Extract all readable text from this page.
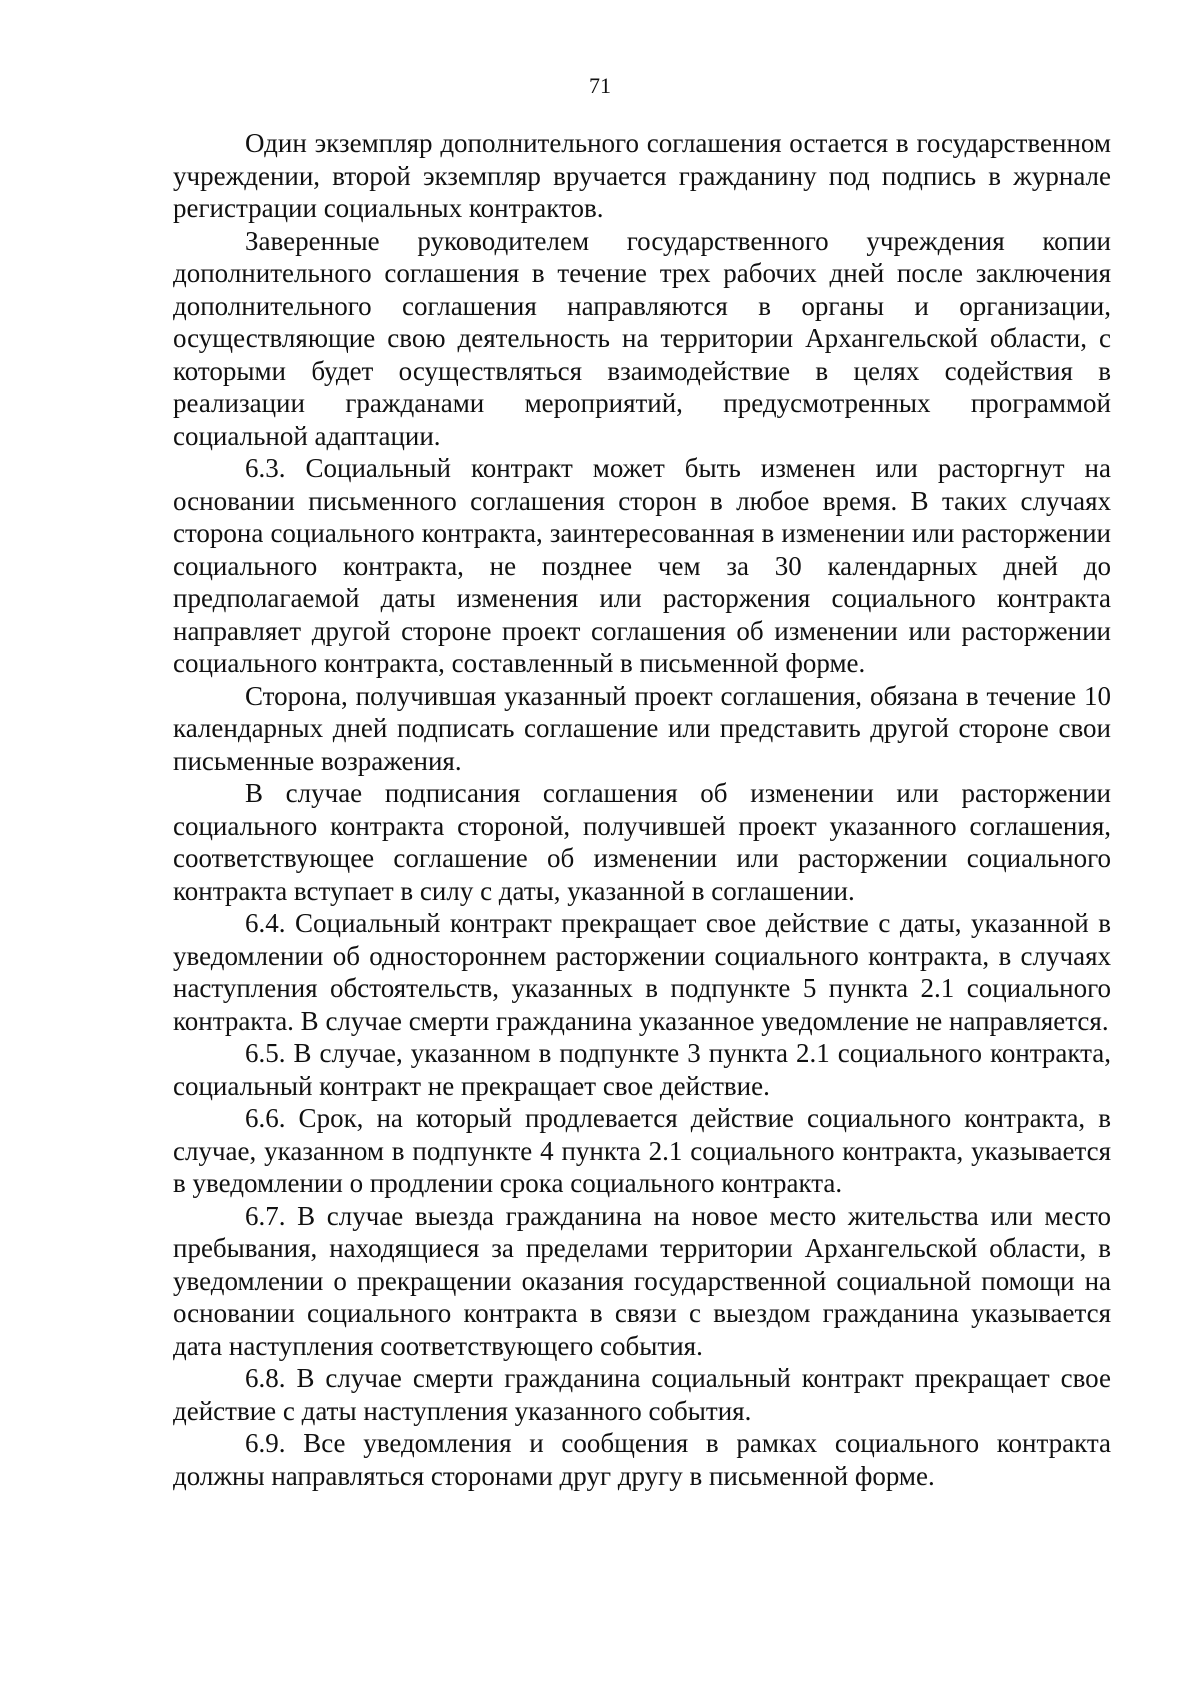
71

Один экземпляр дополнительного соглашения остается в государственном учреждении, второй экземпляр вручается гражданину под подпись в журнале регистрации социальных контрактов.

Заверенные руководителем государственного учреждения копии дополнительного соглашения в течение трех рабочих дней после заключения дополнительного соглашения направляются в органы и организации, осуществляющие свою деятельность на территории Архангельской области, с которыми будет осуществляться взаимодействие в целях содействия в реализации гражданами мероприятий, предусмотренных программой социальной адаптации.

6.3. Социальный контракт может быть изменен или расторгнут на основании письменного соглашения сторон в любое время. В таких случаях сторона социального контракта, заинтересованная в изменении или расторжении социального контракта, не позднее чем за 30 календарных дней до предполагаемой даты изменения или расторжения социального контракта направляет другой стороне проект соглашения об изменении или расторжении социального контракта, составленный в письменной форме.

Сторона, получившая указанный проект соглашения, обязана в течение 10 календарных дней подписать соглашение или представить другой стороне свои письменные возражения.

В случае подписания соглашения об изменении или расторжении социального контракта стороной, получившей проект указанного соглашения, соответствующее соглашение об изменении или расторжении социального контракта вступает в силу с даты, указанной в соглашении.

6.4. Социальный контракт прекращает свое действие с даты, указанной в уведомлении об одностороннем расторжении социального контракта, в случаях наступления обстоятельств, указанных в подпункте 5 пункта 2.1 социального контракта. В случае смерти гражданина указанное уведомление не направляется.

6.5. В случае, указанном в подпункте 3 пункта 2.1 социального контракта, социальный контракт не прекращает свое действие.

6.6. Срок, на который продлевается действие социального контракта, в случае, указанном в подпункте 4 пункта 2.1 социального контракта, указывается в уведомлении о продлении срока социального контракта.

6.7. В случае выезда гражданина на новое место жительства или место пребывания, находящиеся за пределами территории Архангельской области, в уведомлении о прекращении оказания государственной социальной помощи на основании социального контракта в связи с выездом гражданина указывается дата наступления соответствующего события.

6.8. В случае смерти гражданина социальный контракт прекращает свое действие с даты наступления указанного события.

6.9. Все уведомления и сообщения в рамках социального контракта должны направляться сторонами друг другу в письменной форме.
